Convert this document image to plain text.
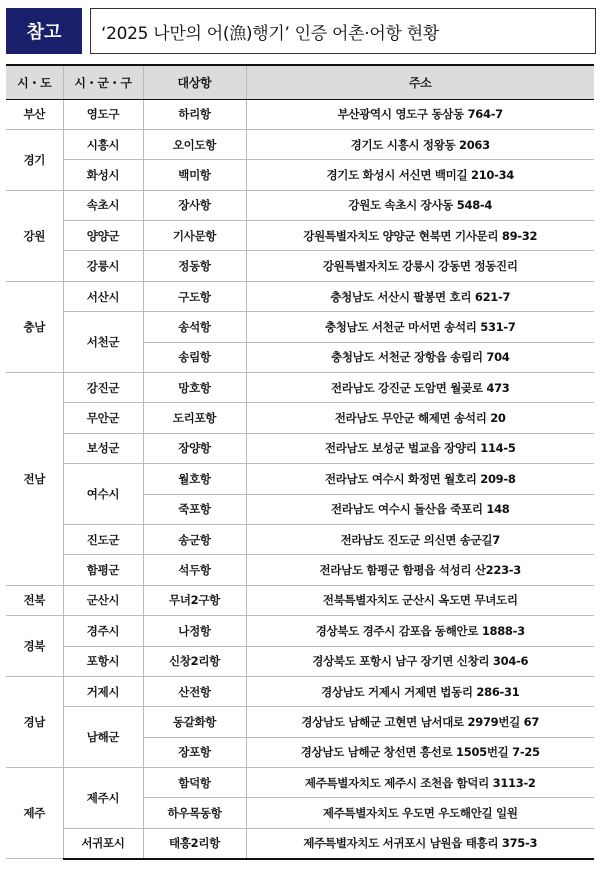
참고	‘2025 나만의 어(漁)행기’ 인증 어촌·어항 현황
시・도	시・군・구	대상항	주소
부산	영도구	하리항	부산광역시 영도구 동삼동 764-7
경기	시흥시	오이도항	경기도 시흥시 정왕동 2063
	화성시	백미항	경기도 화성시 서신면 백미길 210-34
강원	속초시	장사항	강원도 속초시 장사동 548-4
	양양군	기사문항	강원특별자치도 양양군 현북면 기사문리 89-32
	강릉시	정동항	강원특별자치도 강릉시 강동면 정동진리
충남	서산시	구도항	충청남도 서산시 팔봉면 호리 621-7
	서천군	송석항	충청남도 서천군 마서면 송석리 531-7
		송림항	충청남도 서천군 장항읍 송림리 704
전남	강진군	망호항	전라남도 강진군 도암면 월곶로 473
	무안군	도리포항	전라남도 무안군 해제면 송석리 20
	보성군	장양항	전라남도 보성군 벌교읍 장양리 114-5
	여수시	월호항	전라남도 여수시 화정면 월호리 209-8
		죽포항	전라남도 여수시 돌산읍 죽포리 148
	진도군	송군항	전라남도 진도군 의신면 송군길7
	함평군	석두항	전라남도 함평군 함평읍 석성리 산223-3
전북	군산시	무녀2구항	전북특별자치도 군산시 옥도면 무녀도리
경북	경주시	나정항	경상북도 경주시 감포읍 동해안로 1888-3
	포항시	신창2리항	경상북도 포항시 남구 장기면 신창리 304-6
경남	거제시	산전항	경상남도 거제시 거제면 법동리 286-31
	남해군	동갈화항	경상남도 남해군 고현면 남서대로 2979번길 67
		장포항	경상남도 남해군 창선면 흥선로 1505번길 7-25
제주	제주시	함덕항	제주특별자치도 제주시 조천읍 함덕리 3113-2
		하우목동항	제주특별자치도 우도면 우도해안길 일원
	서귀포시	태흥2리항	제주특별자치도 서귀포시 남원읍 태흥리 375-3
